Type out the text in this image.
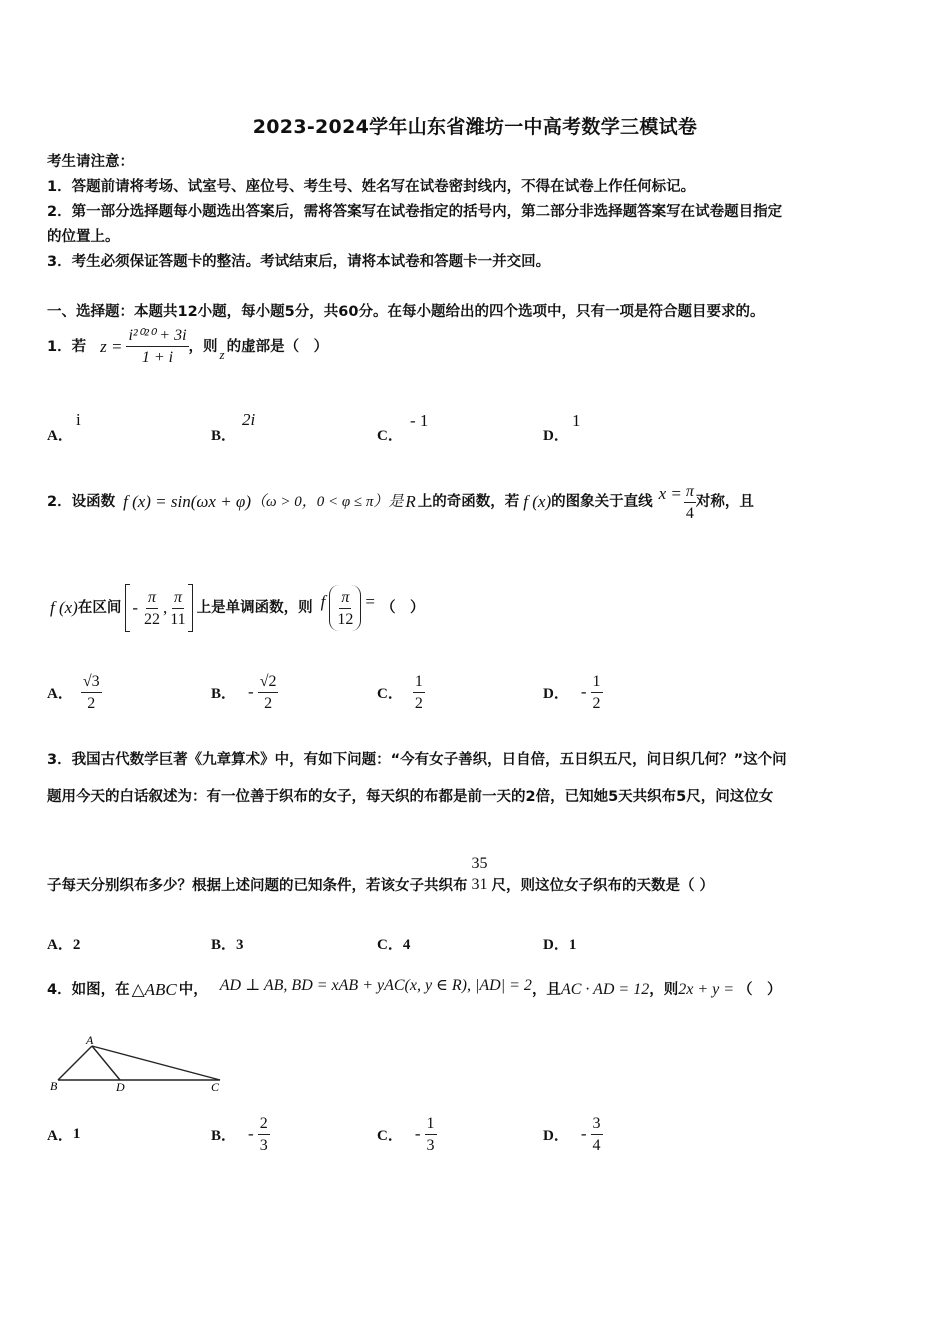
2023-2024学年山东省潍坊一中高考数学三模试卷
考生请注意：
1．答题前请将考场、试室号、座位号、考生号、姓名写在试卷密封线内，不得在试卷上作任何标记。
2．第一部分选择题每小题选出答案后，需将答案写在试卷指定的括号内，第二部分非选择题答案写在试卷题目指定
的位置上。
3．考生必须保证答题卡的整洁。考试结束后，请将本试卷和答题卡一并交回。
一、选择题：本题共12小题，每小题5分，共60分。在每小题给出的四个选项中，只有一项是符合题目要求的。
1．若 $z = \frac{\text{i²⁰²⁰ + 3i}}{1 + i}$ ，则 z 的虚部是（　）
A．
i
B．
2i
C．
- 1
D．
1
2．设函数 f (x) = sin(ωx + φ) （ω > 0，0 < φ ≤ π）是 R 上的奇函数，若 f (x) 的图象关于直线 $x = \frac{\pi}{4}$ 对称，且
f (x) 在区间 - $\frac{\pi}{22}$ , $\frac{\pi}{11}$ 上是单调函数，则 f $\frac{\pi}{12}$ = （　）
A． $\frac{√3}{2}$	B． - $\frac{√2}{2}$	C． $\frac{1}{2}$	D． - $\frac{1}{2}$
3．我国古代数学巨著《九章算术》中，有如下问题：“今有女子善织，日自倍，五日织五尺，问日织几何？”这个问
题用今天的白话叙述为：有一位善于织布的女子，每天织的布都是前一天的2倍，已知她5天共织布5尺，问这位女
子每天分别织布多少？根据上述问题的已知条件，若该女子共织布
35
31 尺，则这位女子织布的天数是（ ）
A．2	B．3	C．4	D．1
4．如图，在 △ABC 中， AD ⊥ AB, BD = xAB + yAC(x, y ∈ R), |AD| = 2 ，且 AC · AD = 12 ，则 2x + y = （　）
A
B	D	C
A． 1	B． - $\frac{2}{3}$	C． - $\frac{1}{3}$	D． - $\frac{3}{4}$
